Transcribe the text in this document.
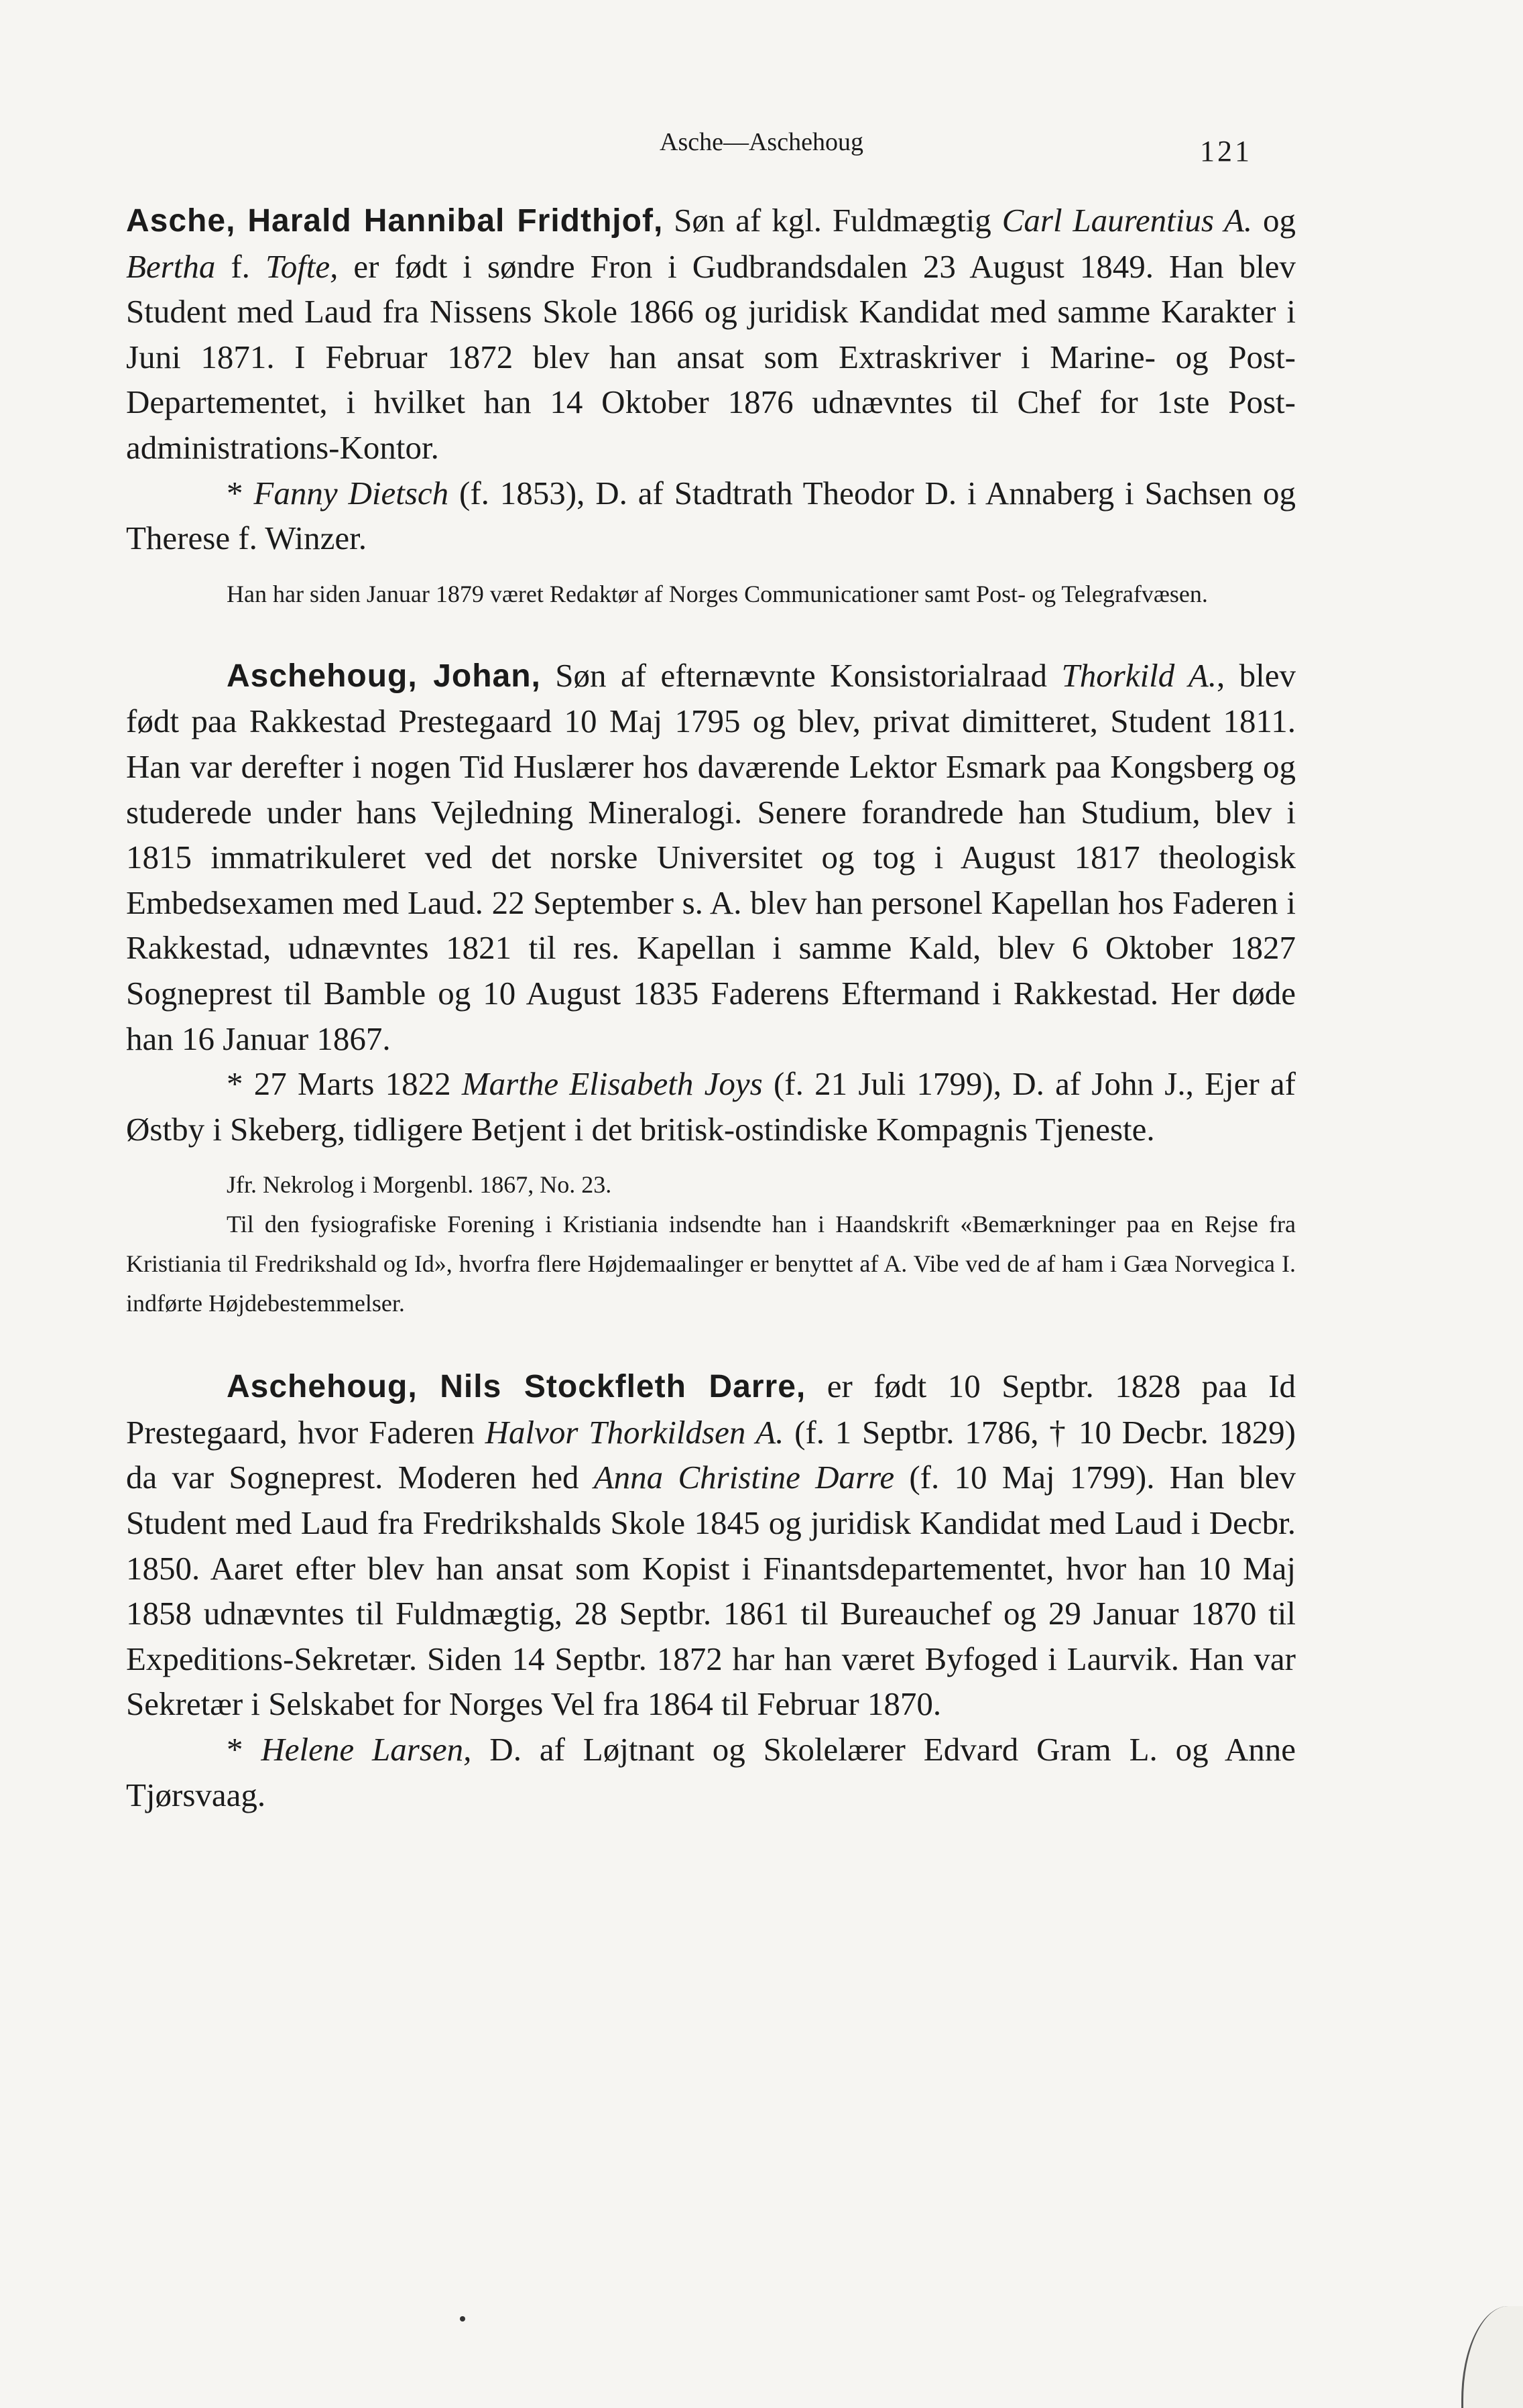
Asche—Aschehoug	121

Asche, Harald Hannibal Fridthjof, Søn af kgl. Fuldmægtig Carl Laurentius A. og Bertha f. Tofte, er født i søndre Fron i Gudbrandsdalen 23 August 1849. Han blev Student med Laud fra Nissens Skole 1866 og juridisk Kandidat med samme Karakter i Juni 1871. I Februar 1872 blev han ansat som Extraskriver i Marine- og Post-Departementet, i hvilket han 14 Oktober 1876 udnævntes til Chef for 1ste Post-administrations-Kontor.

* Fanny Dietsch (f. 1853), D. af Stadtrath Theodor D. i Annaberg i Sachsen og Therese f. Winzer.

Han har siden Januar 1879 været Redaktør af Norges Communicationer samt Post- og Telegrafvæsen.

Aschehoug, Johan, Søn af efternævnte Konsistorialraad Thorkild A., blev født paa Rakkestad Prestegaard 10 Maj 1795 og blev, privat dimitteret, Student 1811. Han var derefter i nogen Tid Huslærer hos daværende Lektor Esmark paa Kongsberg og studerede under hans Vejledning Mineralogi. Senere forandrede han Studium, blev i 1815 immatrikuleret ved det norske Universitet og tog i August 1817 theologisk Embedsexamen med Laud. 22 September s. A. blev han personel Kapellan hos Faderen i Rakkestad, udnævntes 1821 til res. Kapellan i samme Kald, blev 6 Oktober 1827 Sogneprest til Bamble og 10 August 1835 Faderens Eftermand i Rakkestad. Her døde han 16 Januar 1867.

* 27 Marts 1822 Marthe Elisabeth Joys (f. 21 Juli 1799), D. af John J., Ejer af Østby i Skeberg, tidligere Betjent i det britisk-ostindiske Kompagnis Tjeneste.

Jfr. Nekrolog i Morgenbl. 1867, No. 23.

Til den fysiografiske Forening i Kristiania indsendte han i Haandskrift «Bemærkninger paa en Rejse fra Kristiania til Fredrikshald og Id», hvorfra flere Højdemaalinger er benyttet af A. Vibe ved de af ham i Gæa Norvegica I. indførte Højdebestemmelser.

Aschehoug, Nils Stockfleth Darre, er født 10 Septbr. 1828 paa Id Prestegaard, hvor Faderen Halvor Thorkildsen A. (f. 1 Septbr. 1786, † 10 Decbr. 1829) da var Sogneprest. Moderen hed Anna Christine Darre (f. 10 Maj 1799). Han blev Student med Laud fra Fredrikshalds Skole 1845 og juridisk Kandidat med Laud i Decbr. 1850. Aaret efter blev han ansat som Kopist i Finantsdepartementet, hvor han 10 Maj 1858 udnævntes til Fuldmægtig, 28 Septbr. 1861 til Bureauchef og 29 Januar 1870 til Expeditions-Sekretær. Siden 14 Septbr. 1872 har han været Byfoged i Laurvik. Han var Sekretær i Selskabet for Norges Vel fra 1864 til Februar 1870.

* Helene Larsen, D. af Løjtnant og Skolelærer Edvard Gram L. og Anne Tjørsvaag.
